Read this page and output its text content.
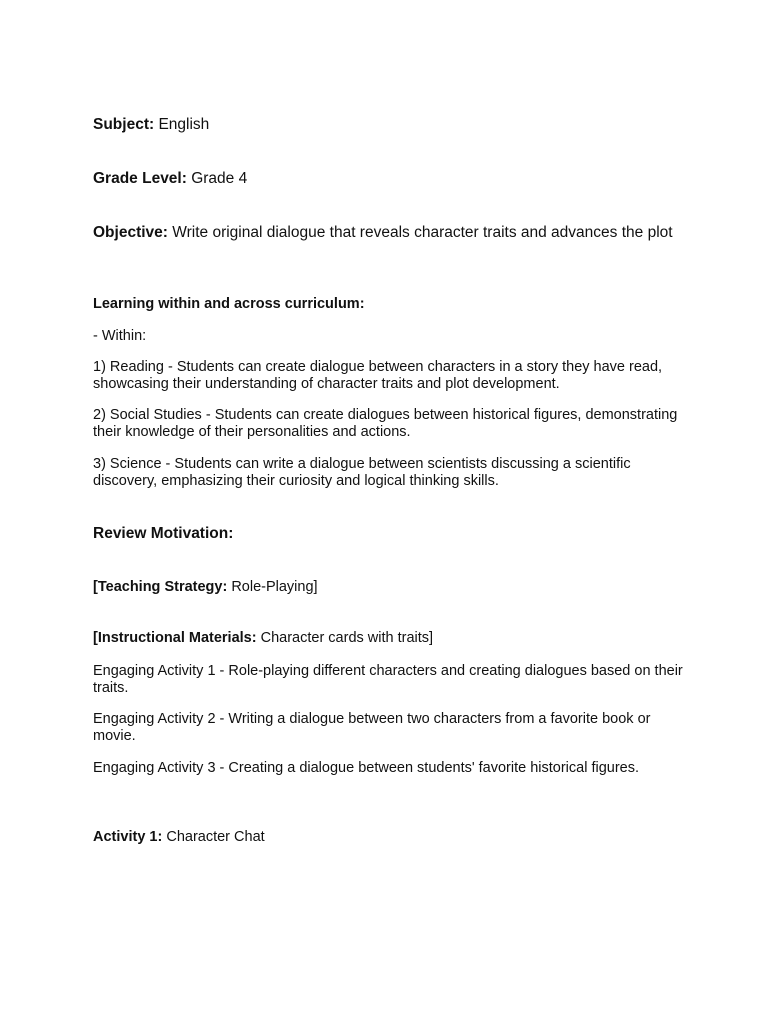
Subject: English

Grade Level: Grade 4

Objective: Write original dialogue that reveals character traits and advances the plot

Learning within and across curriculum:

- Within:

1) Reading - Students can create dialogue between characters in a story they have read, showcasing their understanding of character traits and plot development.

2) Social Studies - Students can create dialogues between historical figures, demonstrating their knowledge of their personalities and actions.

3) Science - Students can write a dialogue between scientists discussing a scientific discovery, emphasizing their curiosity and logical thinking skills.

Review Motivation:

[Teaching Strategy: Role-Playing]

[Instructional Materials: Character cards with traits]

Engaging Activity 1 - Role-playing different characters and creating dialogues based on their traits.

Engaging Activity 2 - Writing a dialogue between two characters from a favorite book or movie.

Engaging Activity 3 - Creating a dialogue between students' favorite historical figures.

Activity 1: Character Chat
